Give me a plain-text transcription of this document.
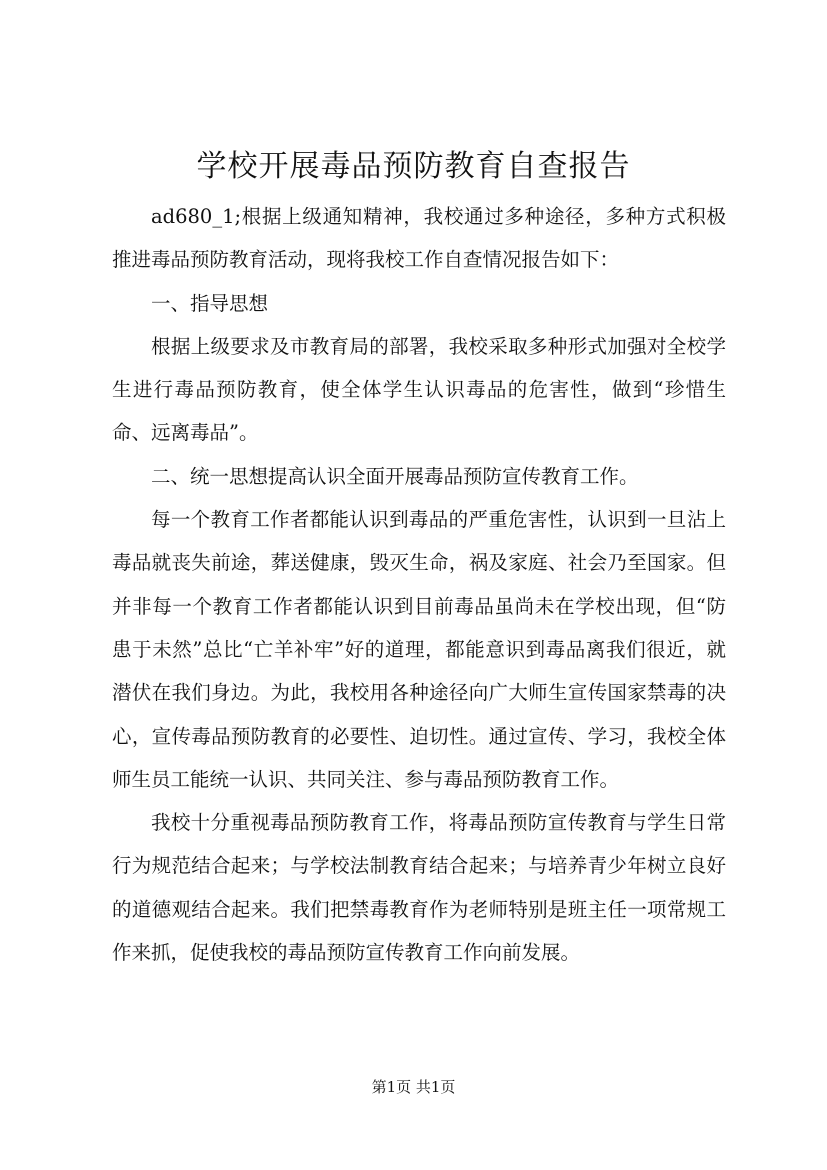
学校开展毒品预防教育自查报告

ad680_1;根据上级通知精神，我校通过多种途径，多种方式积极推进毒品预防教育活动，现将我校工作自查情况报告如下：

一、指导思想

根据上级要求及市教育局的部署，我校采取多种形式加强对全校学生进行毒品预防教育，使全体学生认识毒品的危害性，做到“珍惜生命、远离毒品”。

二、统一思想提高认识全面开展毒品预防宣传教育工作。

每一个教育工作者都能认识到毒品的严重危害性，认识到一旦沾上毒品就丧失前途，葬送健康，毁灭生命，祸及家庭、社会乃至国家。但并非每一个教育工作者都能认识到目前毒品虽尚未在学校出现，但“防患于未然”总比“亡羊补牢”好的道理，都能意识到毒品离我们很近，就潜伏在我们身边。为此，我校用各种途径向广大师生宣传国家禁毒的决心，宣传毒品预防教育的必要性、迫切性。通过宣传、学习，我校全体师生员工能统一认识、共同关注、参与毒品预防教育工作。

我校十分重视毒品预防教育工作，将毒品预防宣传教育与学生日常行为规范结合起来；与学校法制教育结合起来；与培养青少年树立良好的道德观结合起来。我们把禁毒教育作为老师特别是班主任一项常规工作来抓，促使我校的毒品预防宣传教育工作向前发展。

第1页 共1页
